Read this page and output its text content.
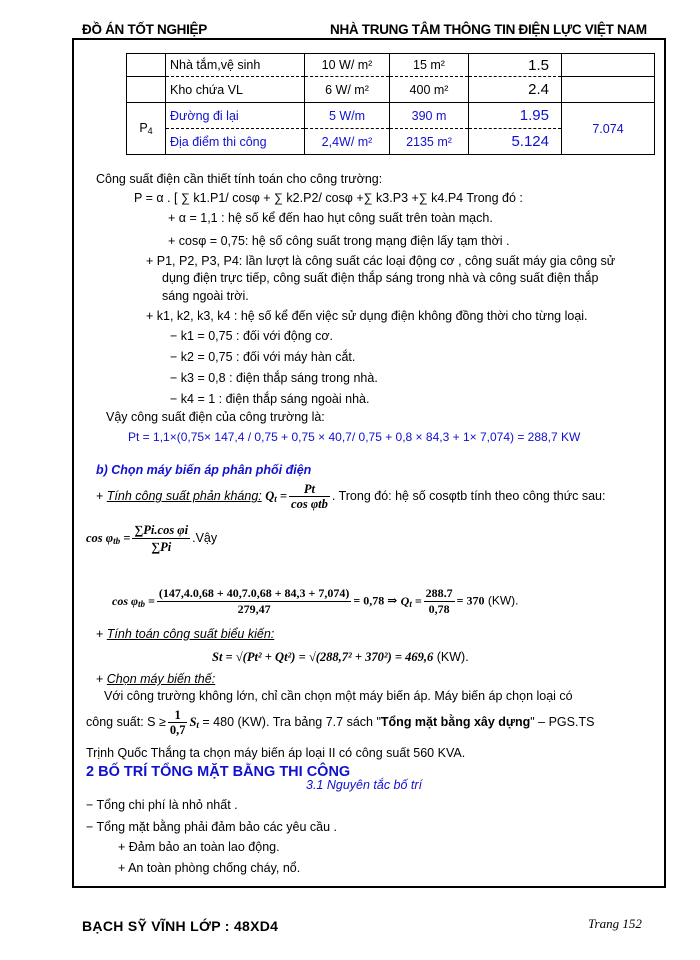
ĐỒ ÁN TỐT NGHIỆP	NHÀ TRUNG TÂM THÔNG TIN ĐIỆN LỰC VIỆT NAM
	Nhà tắm,vệ sinh	10 W/ m²	15 m²	1.5	
	Kho chứa VL	6 W/ m²	400 m²	2.4	
$P_4$	Đường đi lại	5 W/m	390 m	1.95	7.074
	Địa điểm thi công	2,4W/ m²	2135 m²	5.124	
Công suất điện cần thiết tính toán cho công trường:
P = α . [ ∑ k1.P1/ cosφ + ∑ k2.P2/ cosφ +∑ k3.P3 +∑ k4.P4 Trong đó :
+ α = 1,1 : hệ số kể đến hao hụt công suất trên toàn mạch.
+ cosφ = 0,75: hệ số công suất trong mạng điện lấy tạm thời .
+ P1, P2, P3, P4: lần lượt là công suất các loại động cơ , công suất máy gia công sử
dụng điện trực tiếp, công suất điện thắp sáng trong nhà và công suất điện thắp
sáng ngoài trời.
+ k1, k2, k3, k4 : hệ số kể đến việc sử dụng điện không đồng thời cho từng loại.
− k1 = 0,75 : đối với động cơ.
− k2 = 0,75 : đối với máy hàn cắt.
− k3 = 0,8 : điện thắp sáng trong nhà.
− k4 = 1 : điện thắp sáng ngoài nhà.
Vậy công suất điện của công trường là:
Pt = 1,1×(0,75× 147,4 / 0,75 + 0,75 × 40,7/ 0,75 + 0,8 × 84,3 + 1× 7,074) = 288,7 KW
b) Chọn máy biến áp phân phối điện
+ Tính công suất phản kháng: $Q_t = \frac{Pt}{\text{cos φtb}}$ . Trong đó: hệ số cosφtb tính theo công thức sau:
$\cos \varphi_{tb} = \frac{\text{∑Pi.cos φi}}{\sum Pi}$ .Vậy
$\cos \varphi_{tb} = \frac{(147,4.0,68 + 40,7.0,68 + 84,3 + 7,074)}{279,47} = 0,78$ ⇒ $Q_t = \frac{288.7}{0,78} = 370$ (KW).
+ Tính toán công suất biểu kiến:
St = √(Pt² + Qt²) = √(288,7² + 370²) = 469,6 (KW).
+ Chọn máy biến thế:
Với công trường không lớn, chỉ cần chọn một máy biến áp. Máy biến áp chọn loại có
công suất: $S \ge \frac{1}{0,7} S_t = 480$ (KW). Tra bảng 7.7 sách "Tổng mặt bằng xây dựng" – PGS.TS
Trịnh Quốc Thắng ta chọn máy biến áp loại II có công suất 560 KVA.
2 BỐ TRÍ TỔNG MẶT BẰNG THI CÔNG
3.1 Nguyên tắc bố trí
− Tổng chi phí là nhỏ nhất .
− Tổng mặt bằng phải đảm bảo các yêu cầu .
+ Đảm bảo an toàn lao động.
+ An toàn phòng chống cháy, nổ.
BẠCH SỸ VĨNH LỚP : 48XD4	Trang 152
